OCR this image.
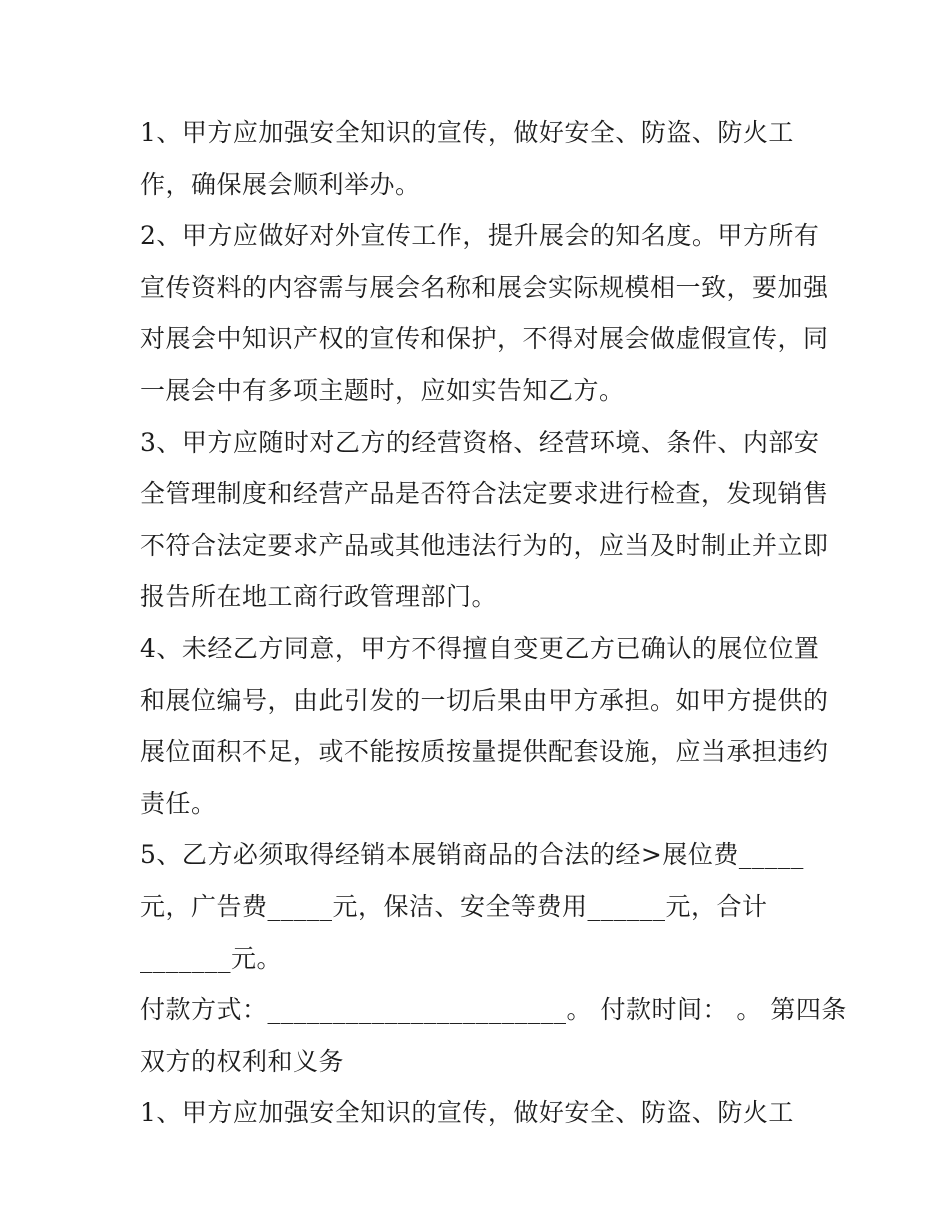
1、甲方应加强安全知识的宣传，做好安全、防盗、防火工
作，确保展会顺利举办。
2、甲方应做好对外宣传工作，提升展会的知名度。甲方所有
宣传资料的内容需与展会名称和展会实际规模相一致，要加强
对展会中知识产权的宣传和保护，不得对展会做虚假宣传，同
一展会中有多项主题时，应如实告知乙方。
3、甲方应随时对乙方的经营资格、经营环境、条件、内部安
全管理制度和经营产品是否符合法定要求进行检查，发现销售
不符合法定要求产品或其他违法行为的，应当及时制止并立即
报告所在地工商行政管理部门。
4、未经乙方同意，甲方不得擅自变更乙方已确认的展位位置
和展位编号，由此引发的一切后果由甲方承担。如甲方提供的
展位面积不足，或不能按质按量提供配套设施，应当承担违约
责任。
5、乙方必须取得经销本展销商品的合法的经>展位费_____
元，广告费_____元，保洁、安全等费用______元，合计
_______元。
付款方式：_______________________。 付款时间： 。 第四条
双方的权利和义务
1、甲方应加强安全知识的宣传，做好安全、防盗、防火工
